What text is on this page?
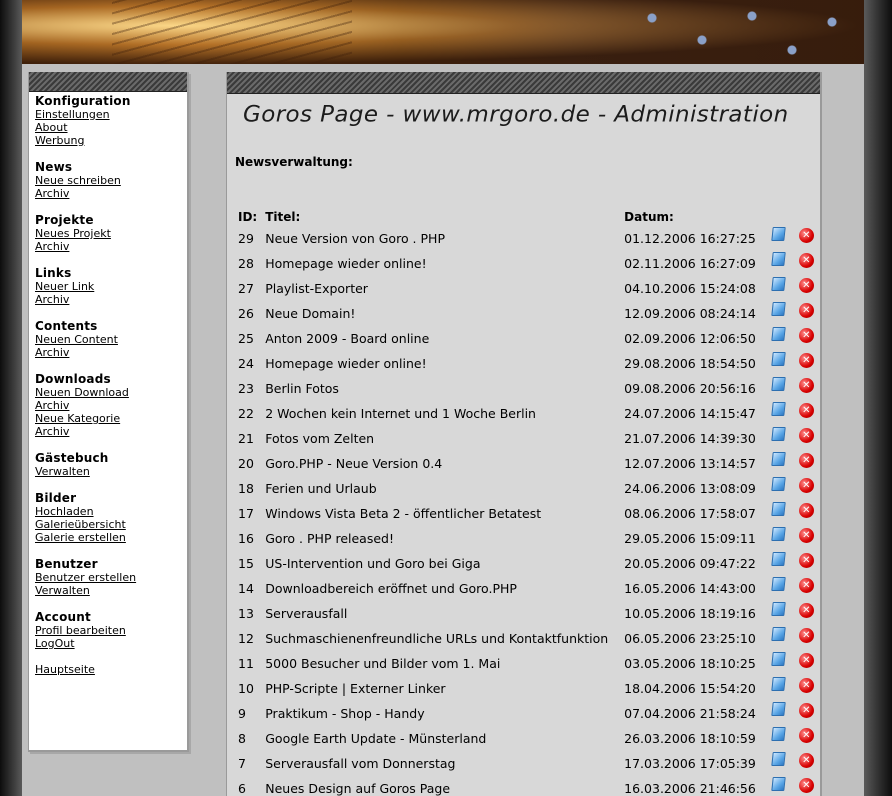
Konfiguration
Einstellungen
About
Werbung
News
Neue schreiben
Archiv
Projekte
Neues Projekt
Archiv
Links
Neuer Link
Archiv
Contents
Neuen Content
Archiv
Downloads
Neuen Download
Archiv
Neue Kategorie
Archiv
Gästebuch
Verwalten
Bilder
Hochladen
Galerieübersicht
Galerie erstellen
Benutzer
Benutzer erstellen
Verwalten
Account
Profil bearbeiten
LogOut
Hauptseite
Goros Page - www.mrgoro.de - Administration
Newsverwaltung:
ID:	Titel:	Datum:		
29	Neue Version von Goro . PHP	01.12.2006 16:27:25		✕
28	Homepage wieder online!	02.11.2006 16:27:09		✕
27	Playlist-Exporter	04.10.2006 15:24:08		✕
26	Neue Domain!	12.09.2006 08:24:14		✕
25	Anton 2009 - Board online	02.09.2006 12:06:50		✕
24	Homepage wieder online!	29.08.2006 18:54:50		✕
23	Berlin Fotos	09.08.2006 20:56:16		✕
22	2 Wochen kein Internet und 1 Woche Berlin	24.07.2006 14:15:47		✕
21	Fotos vom Zelten	21.07.2006 14:39:30		✕
20	Goro.PHP - Neue Version 0.4	12.07.2006 13:14:57		✕
18	Ferien und Urlaub	24.06.2006 13:08:09		✕
17	Windows Vista Beta 2 - öffentlicher Betatest	08.06.2006 17:58:07		✕
16	Goro . PHP released!	29.05.2006 15:09:11		✕
15	US-Intervention und Goro bei Giga	20.05.2006 09:47:22		✕
14	Downloadbereich eröffnet und Goro.PHP	16.05.2006 14:43:00		✕
13	Serverausfall	10.05.2006 18:19:16		✕
12	Suchmaschienenfreundliche URLs und Kontaktfunktion	06.05.2006 23:25:10		✕
11	5000 Besucher und Bilder vom 1. Mai	03.05.2006 18:10:25		✕
10	PHP-Scripte | Externer Linker	18.04.2006 15:54:20		✕
9	Praktikum - Shop - Handy	07.04.2006 21:58:24		✕
8	Google Earth Update - Münsterland	26.03.2006 18:10:59		✕
7	Serverausfall vom Donnerstag	17.03.2006 17:05:39		✕
6	Neues Design auf Goros Page	16.03.2006 21:46:56		✕
